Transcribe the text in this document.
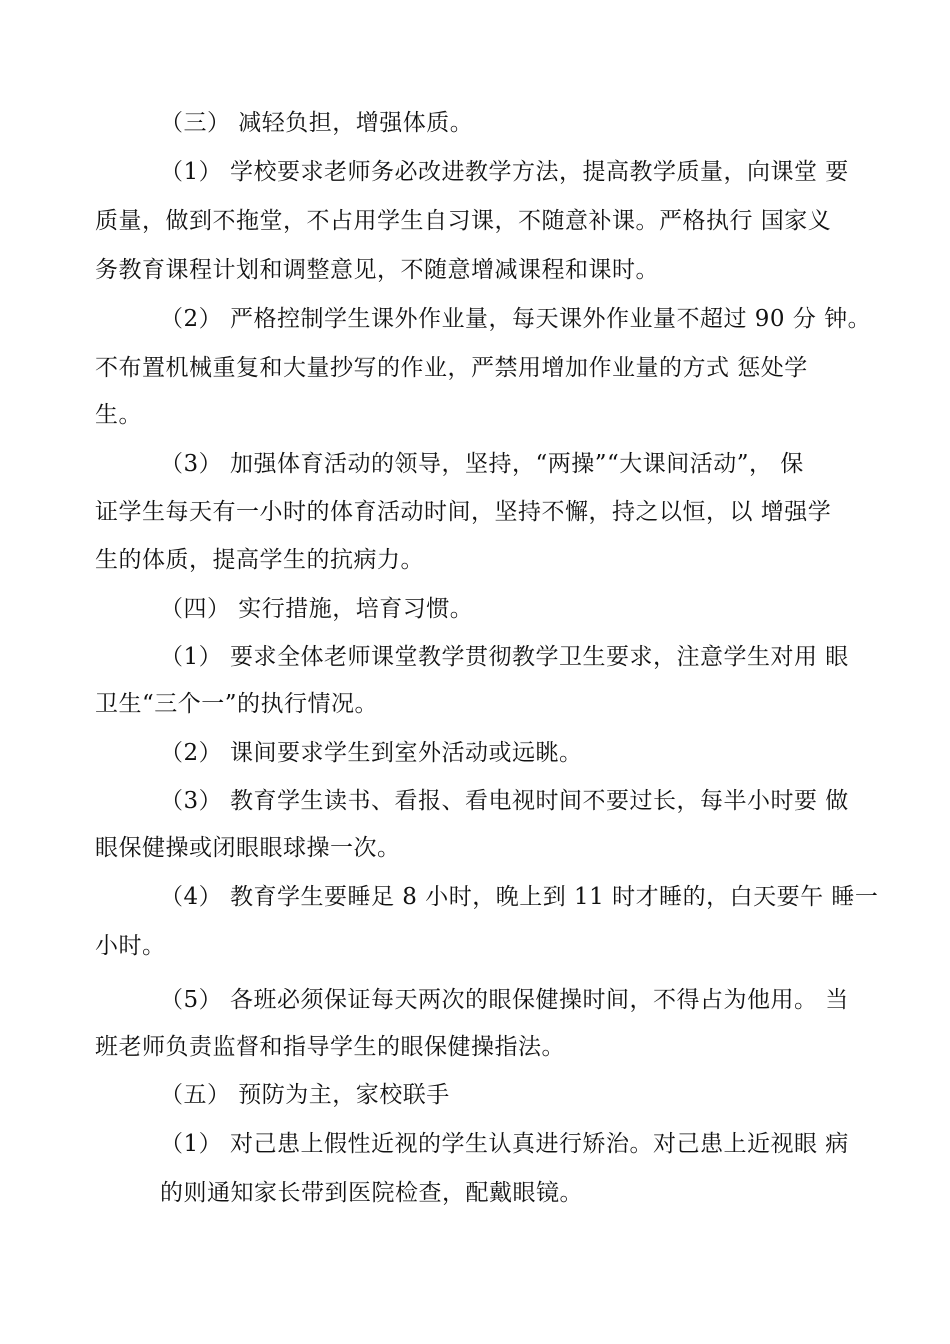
（三） 减轻负担，增强体质。
（1） 学校要求老师务必改进教学方法，提高教学质量，向课堂 要
质量，做到不拖堂，不占用学生自习课，不随意补课。严格执行 国家义
务教育课程计划和调整意见，不随意增减课程和课时。
（2） 严格控制学生课外作业量，每天课外作业量不超过 90 分 钟。
不布置机械重复和大量抄写的作业，严禁用增加作业量的方式 惩处学
生。
（3） 加强体育活动的领导，坚持，“两操”“大课间活动”， 保
证学生每天有一小时的体育活动时间，坚持不懈，持之以恒，以 增强学
生的体质，提高学生的抗病力。
（四） 实行措施，培育习惯。
（1） 要求全体老师课堂教学贯彻教学卫生要求，注意学生对用 眼
卫生“三个一”的执行情况。
（2） 课间要求学生到室外活动或远眺。
（3） 教育学生读书、看报、看电视时间不要过长，每半小时要 做
眼保健操或闭眼眼球操一次。
（4） 教育学生要睡足 8 小时，晚上到 11 时才睡的，白天要午 睡一
小时。
（5） 各班必须保证每天两次的眼保健操时间，不得占为他用。 当
班老师负责监督和指导学生的眼保健操指法。
（五） 预防为主，家校联手
（1） 对己患上假性近视的学生认真进行矫治。对己患上近视眼 病
的则通知家长带到医院检查，配戴眼镜。
